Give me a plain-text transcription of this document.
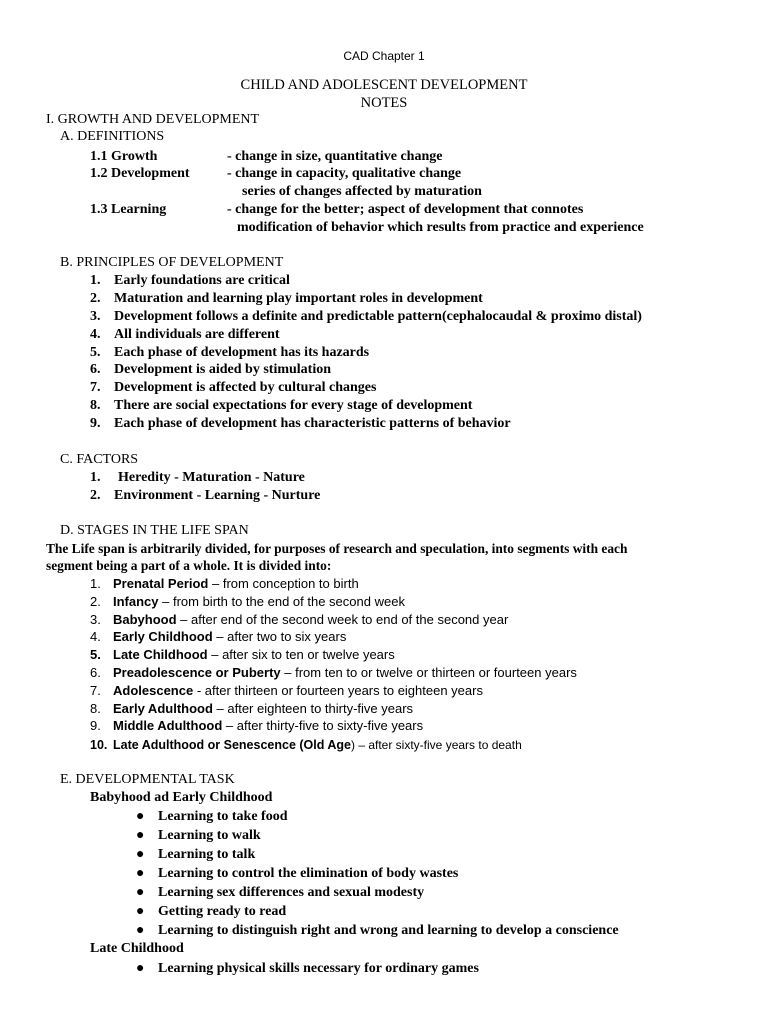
CAD Chapter 1
CHILD AND ADOLESCENT DEVELOPMENT
NOTES
I. GROWTH AND DEVELOPMENT
A. DEFINITIONS
1.1 Growth	- change in size, quantitative change
1.2 Development	- change in capacity, qualitative change
series of changes affected by maturation
1.3 Learning	- change for the better; aspect of development that connotes
modification of behavior which results from practice and experience
B. PRINCIPLES OF DEVELOPMENT
1. Early foundations are critical
2. Maturation and learning play important roles in development
3. Development follows a definite and predictable pattern(cephalocaudal & proximo distal)
4. All individuals are different
5. Each phase of development has its hazards
6. Development is aided by stimulation
7. Development is affected by cultural changes
8. There are social expectations for every stage of development
9. Each phase of development has characteristic patterns of behavior
C. FACTORS
1. Heredity - Maturation - Nature
2. Environment - Learning - Nurture
D. STAGES IN THE LIFE SPAN
The Life span is arbitrarily divided, for purposes of research and speculation, into segments with each
segment being a part of a whole. It is divided into:
1. Prenatal Period – from conception to birth
2. Infancy – from birth to the end of the second week
3. Babyhood – after end of the second week to end of the second year
4. Early Childhood – after two to six years
5. Late Childhood – after six to ten or twelve years
6. Preadolescence or Puberty – from ten to or twelve or thirteen or fourteen years
7. Adolescence - after thirteen or fourteen years to eighteen years
8. Early Adulthood – after eighteen to thirty-five years
9. Middle Adulthood – after thirty-five to sixty-five years
10. Late Adulthood or Senescence (Old Age) – after sixty-five years to death
E. DEVELOPMENTAL TASK
Babyhood ad Early Childhood
● Learning to take food
● Learning to walk
● Learning to talk
● Learning to control the elimination of body wastes
● Learning sex differences and sexual modesty
● Getting ready to read
● Learning to distinguish right and wrong and learning to develop a conscience
Late Childhood
● Learning physical skills necessary for ordinary games
